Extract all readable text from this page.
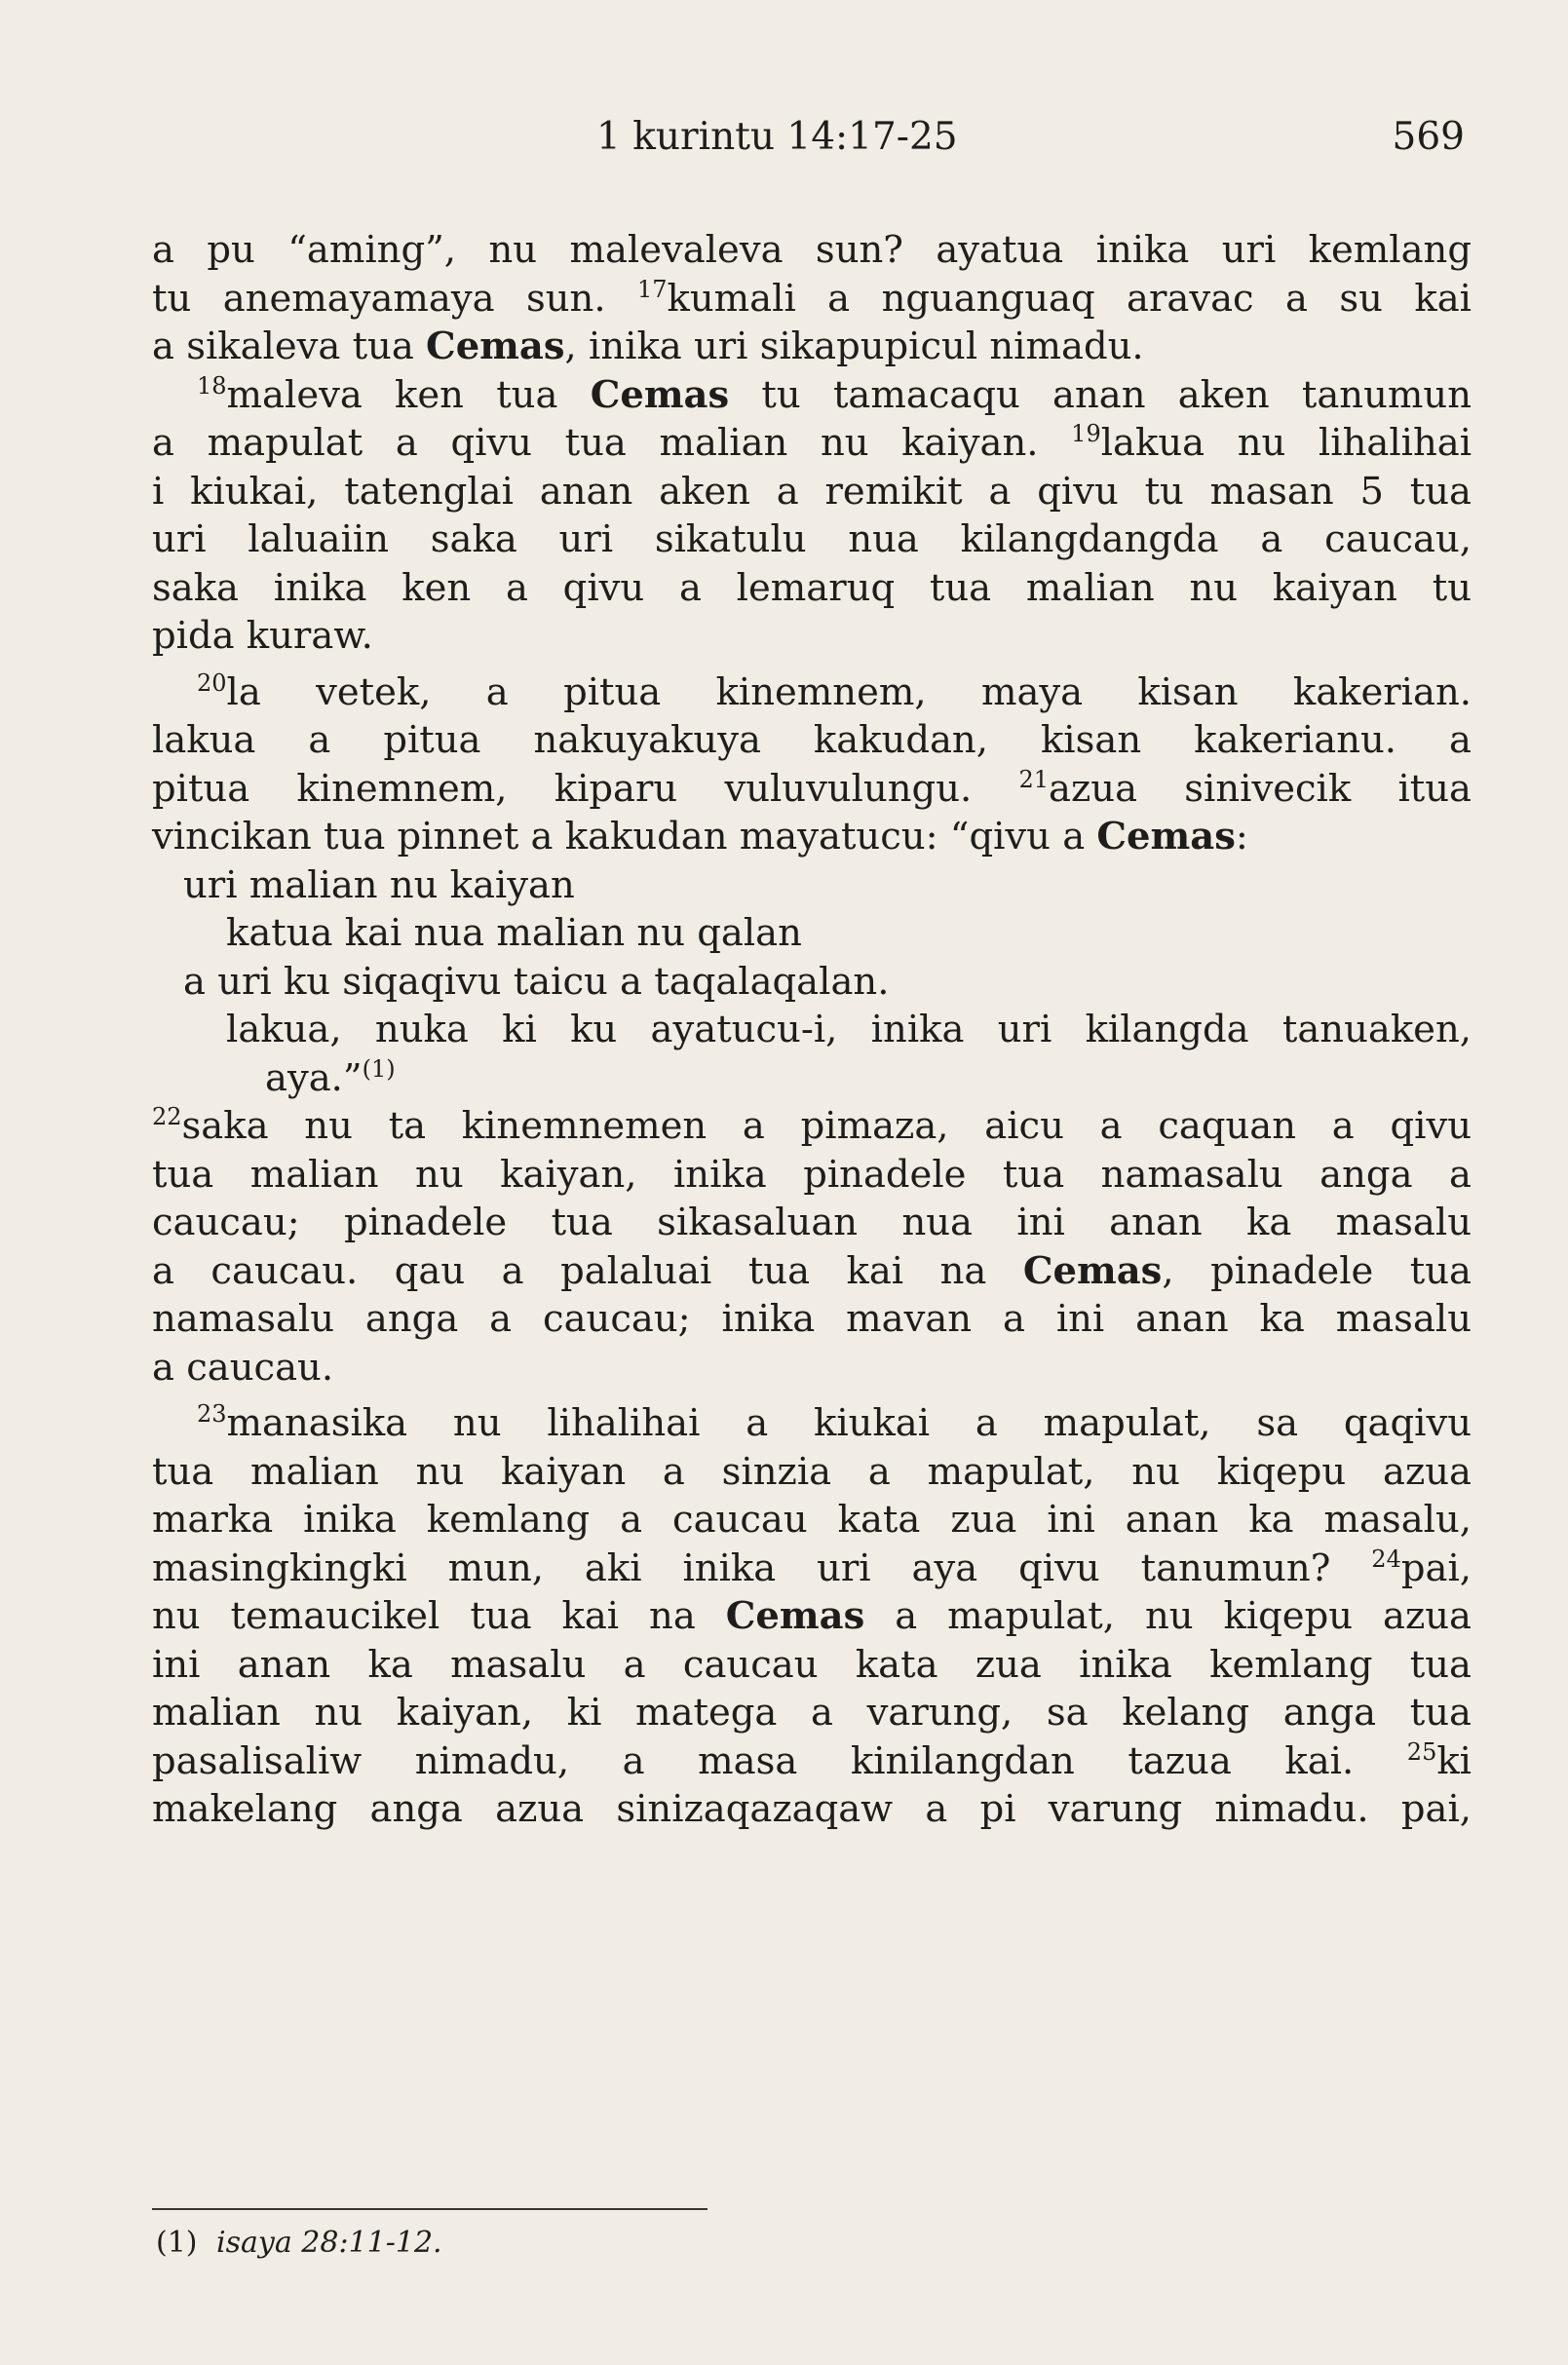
1 kurintu 14:17-25	569
a pu “aming”, nu malevaleva sun? ayatua inika uri kemlang
tu anemayamaya sun. $^{17}$kumali a nguanguaq aravac a su kai
a sikaleva tua Cemas, inika uri sikapupicul nimadu.
$^{18}$maleva ken tua Cemas tu tamacaqu anan aken tanumun
a mapulat a qivu tua malian nu kaiyan. $^{19}$lakua nu lihalihai
i kiukai, tatenglai anan aken a remikit a qivu tu masan 5 tua
uri laluaiin saka uri sikatulu nua kilangdangda a caucau,
saka inika ken a qivu a lemaruq tua malian nu kaiyan tu
pida kuraw.
$^{20}$la vetek, a pitua kinemnem, maya kisan kakerian.
lakua a pitua nakuyakuya kakudan, kisan kakerianu. a
pitua kinemnem, kiparu vuluvulungu. $^{21}$azua sinivecik itua
vincikan tua pinnet a kakudan mayatucu: “qivu a Cemas:
uri malian nu kaiyan
katua kai nua malian nu qalan
a uri ku siqaqivu taicu a taqalaqalan.
lakua, nuka ki ku ayatucu-i, inika uri kilangda tanuaken,
aya.”$^{(1)}$
$^{22}$saka nu ta kinemnemen a pimaza, aicu a caquan a qivu
tua malian nu kaiyan, inika pinadele tua namasalu anga a
caucau; pinadele tua sikasaluan nua ini anan ka masalu
a caucau. qau a palaluai tua kai na Cemas, pinadele tua
namasalu anga a caucau; inika mavan a ini anan ka masalu
a caucau.
$^{23}$manasika nu lihalihai a kiukai a mapulat, sa qaqivu
tua malian nu kaiyan a sinzia a mapulat, nu kiqepu azua
marka inika kemlang a caucau kata zua ini anan ka masalu,
masingkingki mun, aki inika uri aya qivu tanumun? $^{24}$pai,
nu temaucikel tua kai na Cemas a mapulat, nu kiqepu azua
ini anan ka masalu a caucau kata zua inika kemlang tua
malian nu kaiyan, ki matega a varung, sa kelang anga tua
pasalisaliw nimadu, a masa kinilangdan tazua kai. $^{25}$ki
makelang anga azua sinizaqazaqaw a pi varung nimadu. pai,
(1) isaya 28:11-12.
